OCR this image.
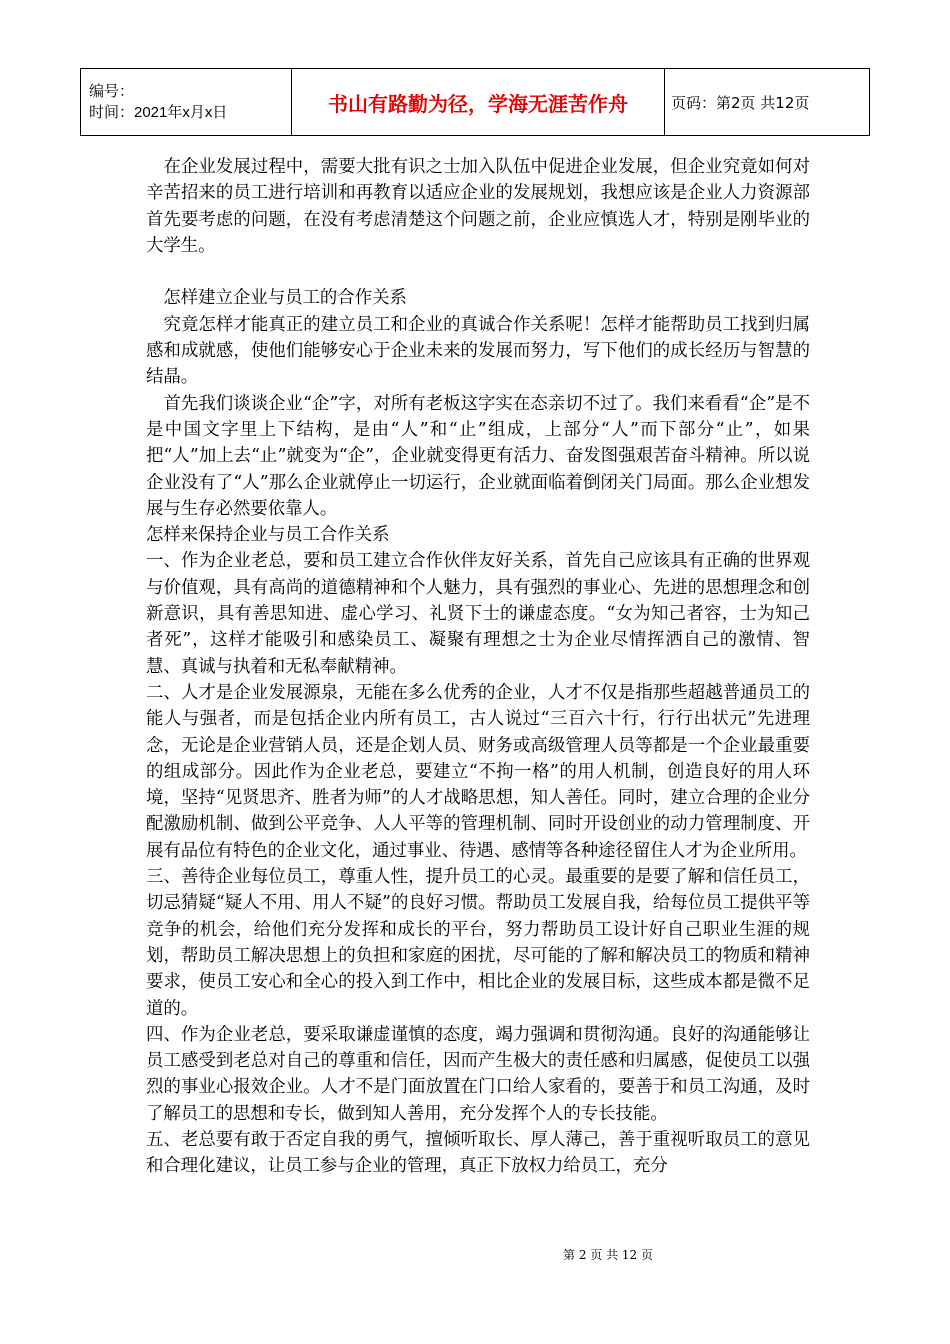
编号：
时间：2021年x月x日	书山有路勤为径，学海无涯苦作舟	页码：第2页 共12页

　在企业发展过程中，需要大批有识之士加入队伍中促进企业发展，但企业究竟如何对辛苦招来的员工进行培训和再教育以适应企业的发展规划，我想应该是企业人力资源部首先要考虑的问题，在没有考虑清楚这个问题之前，企业应慎选人才，特别是刚毕业的大学生。

　怎样建立企业与员工的合作关系

　究竟怎样才能真正的建立员工和企业的真诚合作关系呢！怎样才能帮助员工找到归属感和成就感，使他们能够安心于企业未来的发展而努力，写下他们的成长经历与智慧的结晶。

　首先我们谈谈企业“企”字，对所有老板这字实在态亲切不过了。我们来看看“企”是不是中国文字里上下结构，是由“人”和“止”组成，上部分“人”而下部分“止”，如果把“人”加上去“止”就变为“企”，企业就变得更有活力、奋发图强艰苦奋斗精神。所以说企业没有了“人”那么企业就停止一切运行，企业就面临着倒闭关门局面。那么企业想发展与生存必然要依靠人。

怎样来保持企业与员工合作关系

一、作为企业老总，要和员工建立合作伙伴友好关系，首先自己应该具有正确的世界观与价值观，具有高尚的道德精神和个人魅力，具有强烈的事业心、先进的思想理念和创新意识，具有善思知进、虚心学习、礼贤下士的谦虚态度。“女为知己者容，士为知己者死”，这样才能吸引和感染员工、凝聚有理想之士为企业尽情挥洒自己的激情、智慧、真诚与执着和无私奉献精神。

二、人才是企业发展源泉，无能在多么优秀的企业，人才不仅是指那些超越普通员工的能人与强者，而是包括企业内所有员工，古人说过“三百六十行，行行出状元”先进理念，无论是企业营销人员，还是企划人员、财务或高级管理人员等都是一个企业最重要的组成部分。因此作为企业老总，要建立“不拘一格”的用人机制，创造良好的用人环境，坚持“见贤思齐、胜者为师”的人才战略思想，知人善任。同时，建立合理的企业分配激励机制、做到公平竞争、人人平等的管理机制、同时开设创业的动力管理制度、开展有品位有特色的企业文化，通过事业、待遇、感情等各种途径留住人才为企业所用。

三、善待企业每位员工，尊重人性，提升员工的心灵。最重要的是要了解和信任员工，切忌猜疑“疑人不用、用人不疑”的良好习惯。帮助员工发展自我，给每位员工提供平等竞争的机会，给他们充分发挥和成长的平台，努力帮助员工设计好自己职业生涯的规划，帮助员工解决思想上的负担和家庭的困扰，尽可能的了解和解决员工的物质和精神要求，使员工安心和全心的投入到工作中，相比企业的发展目标，这些成本都是微不足道的。

四、作为企业老总，要采取谦虚谨慎的态度，竭力强调和贯彻沟通。良好的沟通能够让员工感受到老总对自己的尊重和信任，因而产生极大的责任感和归属感，促使员工以强烈的事业心报效企业。人才不是门面放置在门口给人家看的，要善于和员工沟通，及时了解员工的思想和专长，做到知人善用，充分发挥个人的专长技能。

五、老总要有敢于否定自我的勇气，擅倾听取长、厚人薄己，善于重视听取员工的意见和合理化建议，让员工参与企业的管理，真正下放权力给员工，充分

第 2 页 共 12 页
